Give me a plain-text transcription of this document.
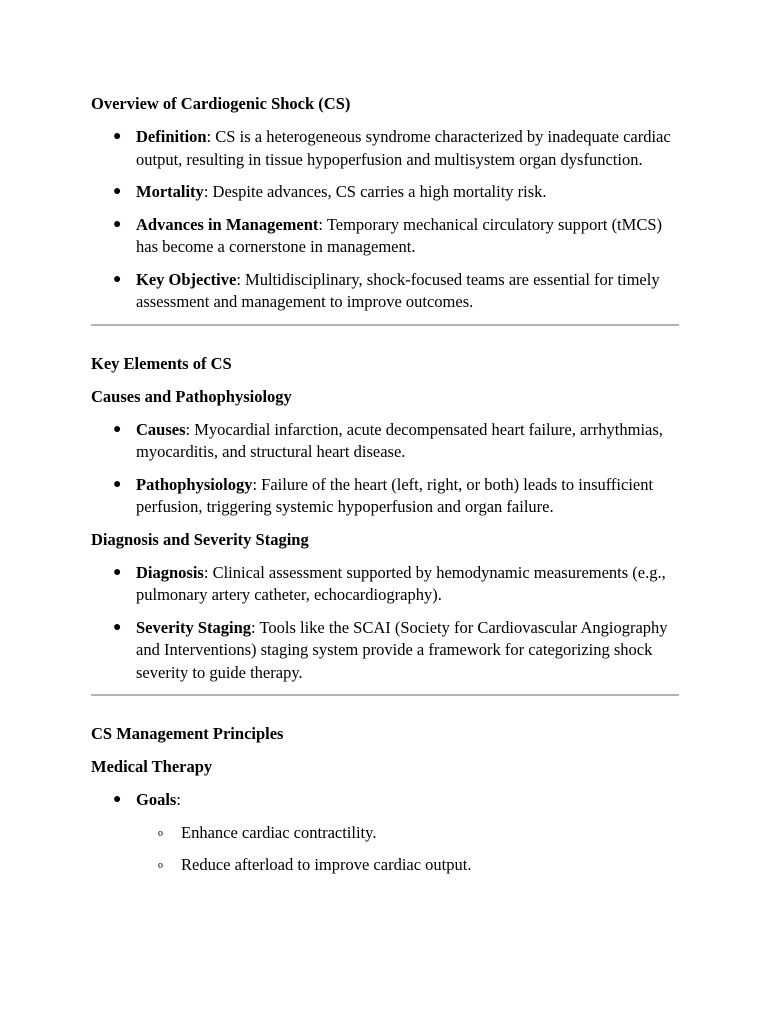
Overview of Cardiogenic Shock (CS)

● Definition: CS is a heterogeneous syndrome characterized by inadequate cardiac output, resulting in tissue hypoperfusion and multisystem organ dysfunction.
● Mortality: Despite advances, CS carries a high mortality risk.
● Advances in Management: Temporary mechanical circulatory support (tMCS) has become a cornerstone in management.
● Key Objective: Multidisciplinary, shock-focused teams are essential for timely assessment and management to improve outcomes.

Key Elements of CS

Causes and Pathophysiology

● Causes: Myocardial infarction, acute decompensated heart failure, arrhythmias, myocarditis, and structural heart disease.
● Pathophysiology: Failure of the heart (left, right, or both) leads to insufficient perfusion, triggering systemic hypoperfusion and organ failure.

Diagnosis and Severity Staging

● Diagnosis: Clinical assessment supported by hemodynamic measurements (e.g., pulmonary artery catheter, echocardiography).
● Severity Staging: Tools like the SCAI (Society for Cardiovascular Angiography and Interventions) staging system provide a framework for categorizing shock severity to guide therapy.

CS Management Principles

Medical Therapy

● Goals:
o Enhance cardiac contractility.
o Reduce afterload to improve cardiac output.
